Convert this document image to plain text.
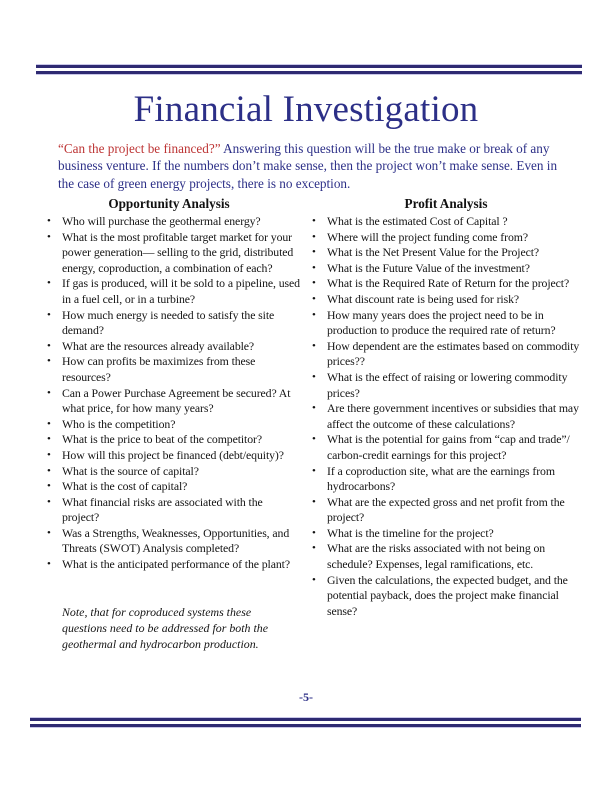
Financial Investigation

“Can the project be financed?” Answering this question will be the true make or break of any business venture. If the numbers don’t make sense, then the project won’t make sense. Even in the case of green energy projects, there is no exception.

Opportunity Analysis
• Who will purchase the geothermal energy?
• What is the most profitable target market for your power generation— selling to the grid, distributed energy, coproduction, a combination of each?
• If gas is produced, will it be sold to a pipeline, used in a fuel cell, or in a turbine?
• How much energy is needed to satisfy the site demand?
• What are the resources already available?
• How can profits be maximizes from these resources?
• Can a Power Purchase Agreement be secured? At what price, for how many years?
• Who is the competition?
• What is the price to beat of the competitor?
• How will this project be financed (debt/equity)?
• What is the source of capital?
• What is the cost of capital?
• What financial risks are associated with the project?
• Was a Strengths, Weaknesses, Opportunities, and Threats (SWOT) Analysis completed?
• What is the anticipated performance of the plant?

Note, that for coproduced systems these questions need to be addressed for both the geothermal and hydrocarbon production.

Profit Analysis
• What is the estimated Cost of Capital ?
• Where will the project funding come from?
• What is the Net Present Value for the Project?
• What is the Future Value of the investment?
• What is the Required Rate of Return for the project?
• What discount rate is being used for risk?
• How many years does the project need to be in production to produce the required rate of return?
• How dependent are the estimates based on commodity prices??
• What is the effect of raising or lowering commodity prices?
• Are there government incentives or subsidies that may affect the outcome of these calculations?
• What is the potential for gains from “cap and trade”/ carbon-credit earnings for this project?
• If a coproduction site, what are the earnings from hydrocarbons?
• What are the expected gross and net profit from the project?
• What is the timeline for the project?
• What are the risks associated with not being on schedule? Expenses, legal ramifications, etc.
• Given the calculations, the expected budget, and the potential payback, does the project make financial sense?
-5-
